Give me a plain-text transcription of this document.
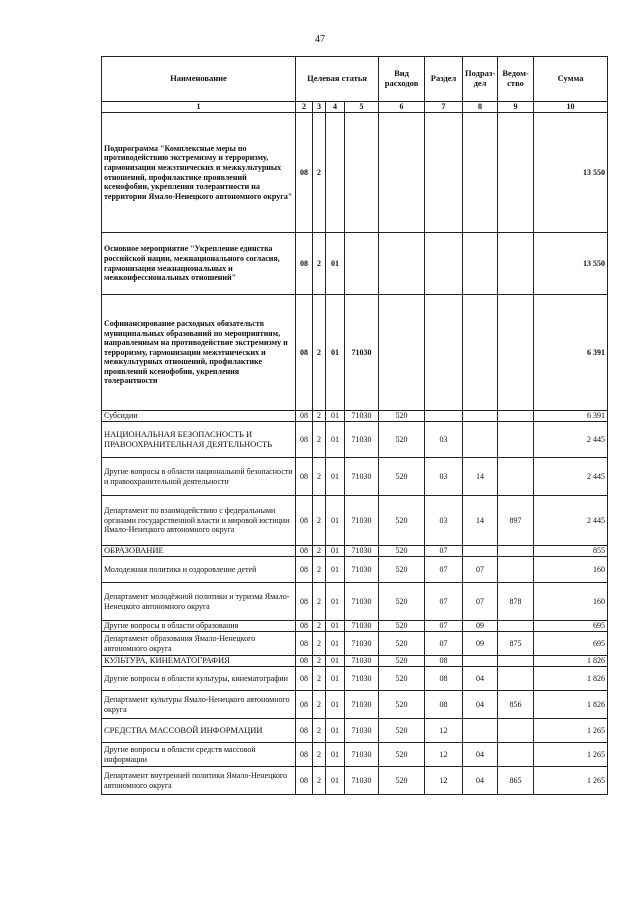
47
Наименование	Целевая статья				Вид расходов	Раздел	Подраз-дел	Ведом-ство	Сумма
1	2	3	4	5	6	7	8	9	10
Подпрограмма "Комплексные меры по противодействию экстремизму и терроризму, гармонизации межэтнических и межкультурных отношений, профилактике проявлений ксенофобии, укрепления толерантности на территории Ямало-Ненецкого автономного округа"	08	2							13 550
Основное мероприятие "Укрепление единства российской нации, межнационального согласия, гармонизация межнациональных и межконфессиональных отношений"	08	2	01						13 550
Софинансирование расходных обязательств муниципальных образований по мероприятиям, направленным на противодействие экстремизму и терроризму, гармонизации межэтнических и межкультурных отношений, профилактике проявлений ксенофобии, укрепления толерантности	08	2	01	71030					6 391
Субсидии	08	2	01	71030	520				6 391
НАЦИОНАЛЬНАЯ БЕЗОПАСНОСТЬ И ПРАВООХРАНИТЕЛЬНАЯ ДЕЯТЕЛЬНОСТЬ	08	2	01	71030	520	03			2 445
Другие вопросы в области национальной безопасности и правоохранительной деятельности	08	2	01	71030	520	03	14		2 445
Департамент по взаимодействию с федеральными органами государственной власти и мировой юстиции Ямало-Ненецкого автономного округа	08	2	01	71030	520	03	14	897	2 445
ОБРАЗОВАНИЕ	08	2	01	71030	520	07			855
Молодежная политика и оздоровление детей	08	2	01	71030	520	07	07		160
Департамент молодёжной политики и туризма Ямало-Ненецкого автономного округа	08	2	01	71030	520	07	07	878	160
Другие вопросы в области образования	08	2	01	71030	520	07	09		695
Департамент образования Ямало-Ненецкого автономного округа	08	2	01	71030	520	07	09	875	695
КУЛЬТУРА, КИНЕМАТОГРАФИЯ	08	2	01	71030	520	08			1 826
Другие вопросы в области культуры, кинематографии	08	2	01	71030	520	08	04		1 826
Департамент культуры Ямало-Ненецкого автономного округа	08	2	01	71030	520	08	04	856	1 826
СРЕДСТВА МАССОВОЙ ИНФОРМАЦИИ	08	2	01	71030	520	12			1 265
Другие вопросы в области средств массовой информации	08	2	01	71030	520	12	04		1 265
Департамент внутренней политики Ямало-Ненецкого автономного округа	08	2	01	71030	520	12	04	865	1 265
